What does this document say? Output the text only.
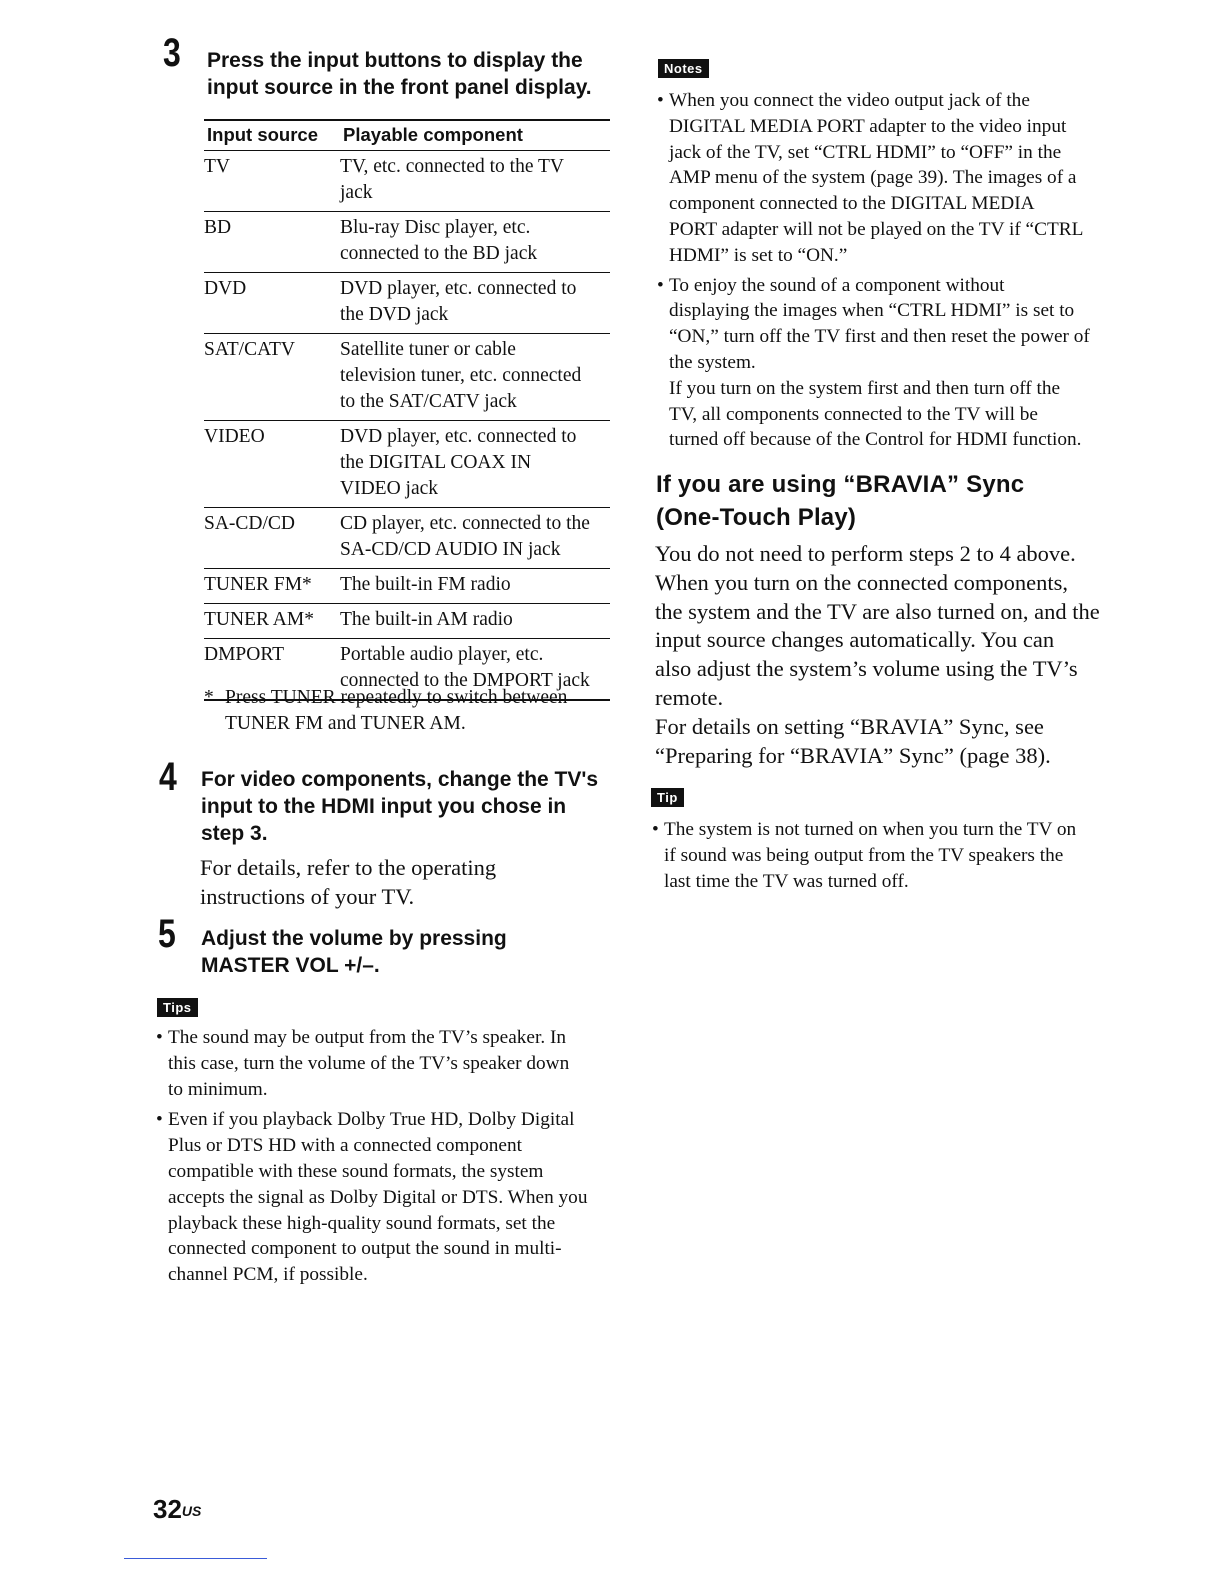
3 Press the input buttons to display the
input source in the front panel display.
Input source	Playable component
TV	TV, etc. connected to the TV
jack

BD	Blu-ray Disc player, etc.
connected to the BD jack

DVD	DVD player, etc. connected to
the DVD jack

SAT/CATV	Satellite tuner or cable
television tuner, etc. connected
to the SAT/CATV jack

VIDEO	DVD player, etc. connected to
the DIGITAL COAX IN
VIDEO jack

SA-CD/CD	CD player, etc. connected to the
SA-CD/CD AUDIO IN jack

TUNER FM*	The built-in FM radio

TUNER AM*	The built-in AM radio

DMPORT	Portable audio player, etc.
connected to the DMPORT jack
* Press TUNER repeatedly to switch between
TUNER FM and TUNER AM.
4 For video components, change the TV's
input to the HDMI input you chose in
step 3.
For details, refer to the operating
instructions of your TV.
5 Adjust the volume by pressing
MASTER VOL +/–.
Tips
• The sound may be output from the TV’s speaker. In
this case, turn the volume of the TV’s speaker down
to minimum.
• Even if you playback Dolby True HD, Dolby Digital
Plus or DTS HD with a connected component
compatible with these sound formats, the system
accepts the signal as Dolby Digital or DTS. When you
playback these high-quality sound formats, set the
connected component to output the sound in multi-
channel PCM, if possible.
Notes
• When you connect the video output jack of the
DIGITAL MEDIA PORT adapter to the video input
jack of the TV, set “CTRL HDMI” to “OFF” in the
AMP menu of the system (page 39). The images of a
component connected to the DIGITAL MEDIA
PORT adapter will not be played on the TV if “CTRL
HDMI” is set to “ON.”
• To enjoy the sound of a component without
displaying the images when “CTRL HDMI” is set to
“ON,” turn off the TV first and then reset the power of
the system.
If you turn on the system first and then turn off the
TV, all components connected to the TV will be
turned off because of the Control for HDMI function.
If you are using “BRAVIA” Sync
(One-Touch Play)
You do not need to perform steps 2 to 4 above.
When you turn on the connected components,
the system and the TV are also turned on, and the
input source changes automatically. You can
also adjust the system’s volume using the TV’s
remote.
For details on setting “BRAVIA” Sync, see
“Preparing for “BRAVIA” Sync” (page 38).
Tip
• The system is not turned on when you turn the TV on
if sound was being output from the TV speakers the
last time the TV was turned off.
$32^{US}$
